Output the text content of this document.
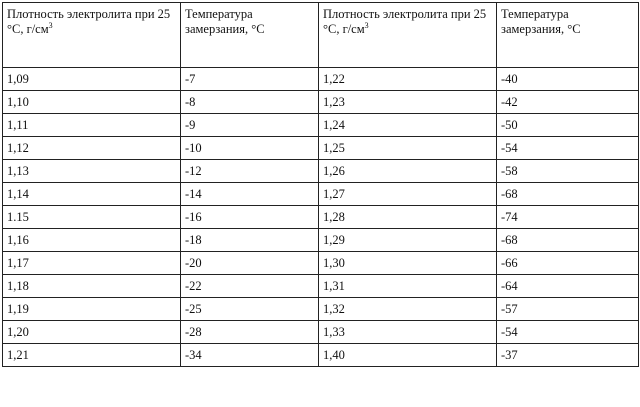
Плотность электролита при 25 °С, $г/см^3$	Температура замерзания, °С	Плотность электролита при 25 °С, $г/см^3$	Температура замерзания, °С
1,09	-7	1,22	-40
1,10	-8	1,23	-42
1,11	-9	1,24	-50
1,12	-10	1,25	-54
1,13	-12	1,26	-58
1,14	-14	1,27	-68
1.15	-16	1,28	-74
1,16	-18	1,29	-68
1,17	-20	1,30	-66
1,18	-22	1,31	-64
1,19	-25	1,32	-57
1,20	-28	1,33	-54
1,21	-34	1,40	-37
